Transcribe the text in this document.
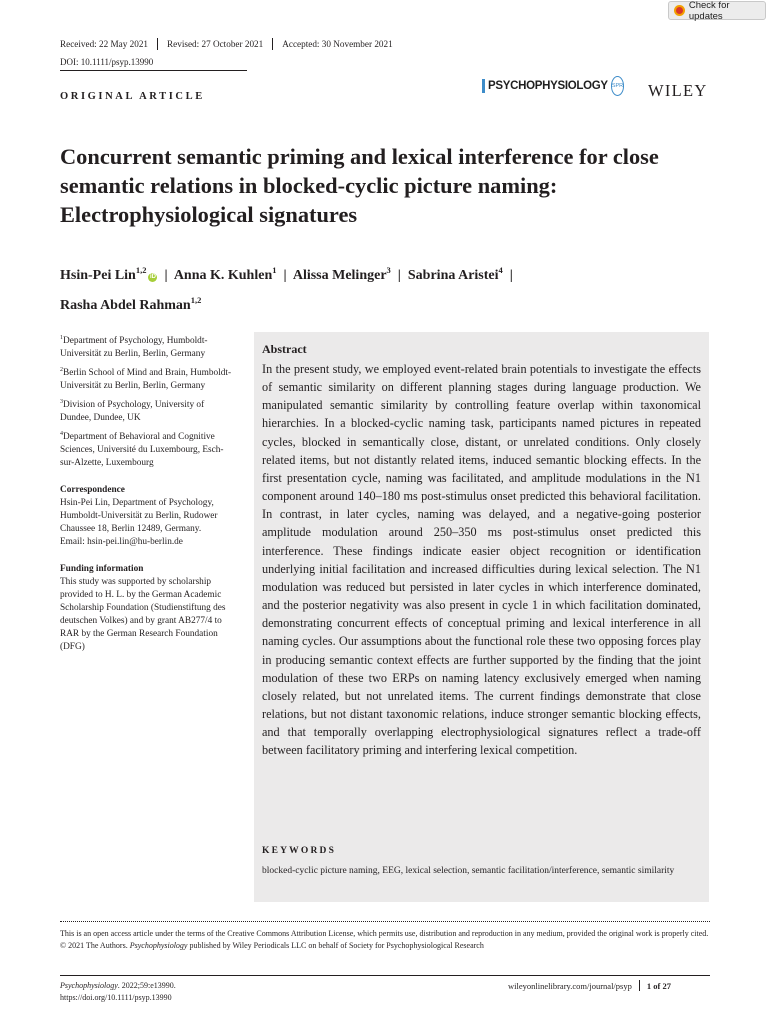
Check for updates
Received: 22 May 2021 Revised: 27 October 2021 Accepted: 30 November 2021
DOI: 10.1111/psyp.13990
ORIGINAL ARTICLE
PSYCHOPHYSIOLOGY SPR WILEY
Concurrent semantic priming and lexical interference for close semantic relations in blocked-cyclic picture naming: Electrophysiological signatures
Hsin-Pei Lin$^{1,2}$iD | Anna K. Kuhlen$^1$ | Alissa Melinger$^3$ | Sabrina Aristei$^4$ |
Rasha Abdel Rahman$^{1,2}$

$^1$Department of Psychology, Humboldt-Universität zu Berlin, Berlin, Germany

$^2$Berlin School of Mind and Brain, Humboldt-Universität zu Berlin, Berlin, Germany

$^3$Division of Psychology, University of Dundee, Dundee, UK

$^4$Department of Behavioral and Cognitive Sciences, Université du Luxembourg, Esch-sur-Alzette, Luxembourg

Correspondence

Hsin-Pei Lin, Department of Psychology, Humboldt-Universität zu Berlin, Rudower Chaussee 18, Berlin 12489, Germany.
Email: hsin-pei.lin@hu-berlin.de

Funding information

This study was supported by scholarship provided to H. L. by the German Academic Scholarship Foundation (Studienstiftung des deutschen Volkes) and by grant AB277/4 to RAR by the German Research Foundation (DFG)

Abstract
In the present study, we employed event-related brain potentials to investigate the effects of semantic similarity on different planning stages during language production. We manipulated semantic similarity by controlling feature overlap within taxonomical hierarchies. In a blocked-cyclic naming task, participants named pictures in repeated cycles, blocked in semantically close, distant, or unrelated conditions. Only closely related items, but not distantly related items, induced semantic blocking effects. In the first presentation cycle, naming was facilitated, and amplitude modulations in the N1 component around 140–180 ms post-stimulus onset predicted this behavioral facilitation. In contrast, in later cycles, naming was delayed, and a negative-going posterior amplitude modulation around 250–350 ms post-stimulus onset predicted this interference. These findings indicate easier object recognition or identification underlying initial facilitation and increased difficulties during lexical selection. The N1 modulation was reduced but persisted in later cycles in which interference dominated, and the posterior negativity was also present in cycle 1 in which facilitation dominated, demonstrating concurrent effects of conceptual priming and lexical interference in all naming cycles. Our assumptions about the functional role these two opposing forces play in producing semantic context effects are further supported by the finding that the joint modulation of these two ERPs on naming latency exclusively emerged when naming closely related, but not unrelated items. The current findings demonstrate that close relations, but not distant taxonomic relations, induce stronger semantic blocking effects, and that temporally overlapping electrophysiological signatures reflect a trade-off between facilitatory priming and interfering lexical competition.
KEYWORDS
blocked-cyclic picture naming, EEG, lexical selection, semantic facilitation/interference, semantic similarity

This is an open access article under the terms of the Creative Commons Attribution License, which permits use, distribution and reproduction in any medium, provided the original work is properly cited.

© 2021 The Authors. Psychophysiology published by Wiley Periodicals LLC on behalf of Society for Psychophysiological Research

Psychophysiology. 2022;59:e13990.
https://doi.org/10.1111/psyp.13990
wileyonlinelibrary.com/journal/psyp 1 of 27
